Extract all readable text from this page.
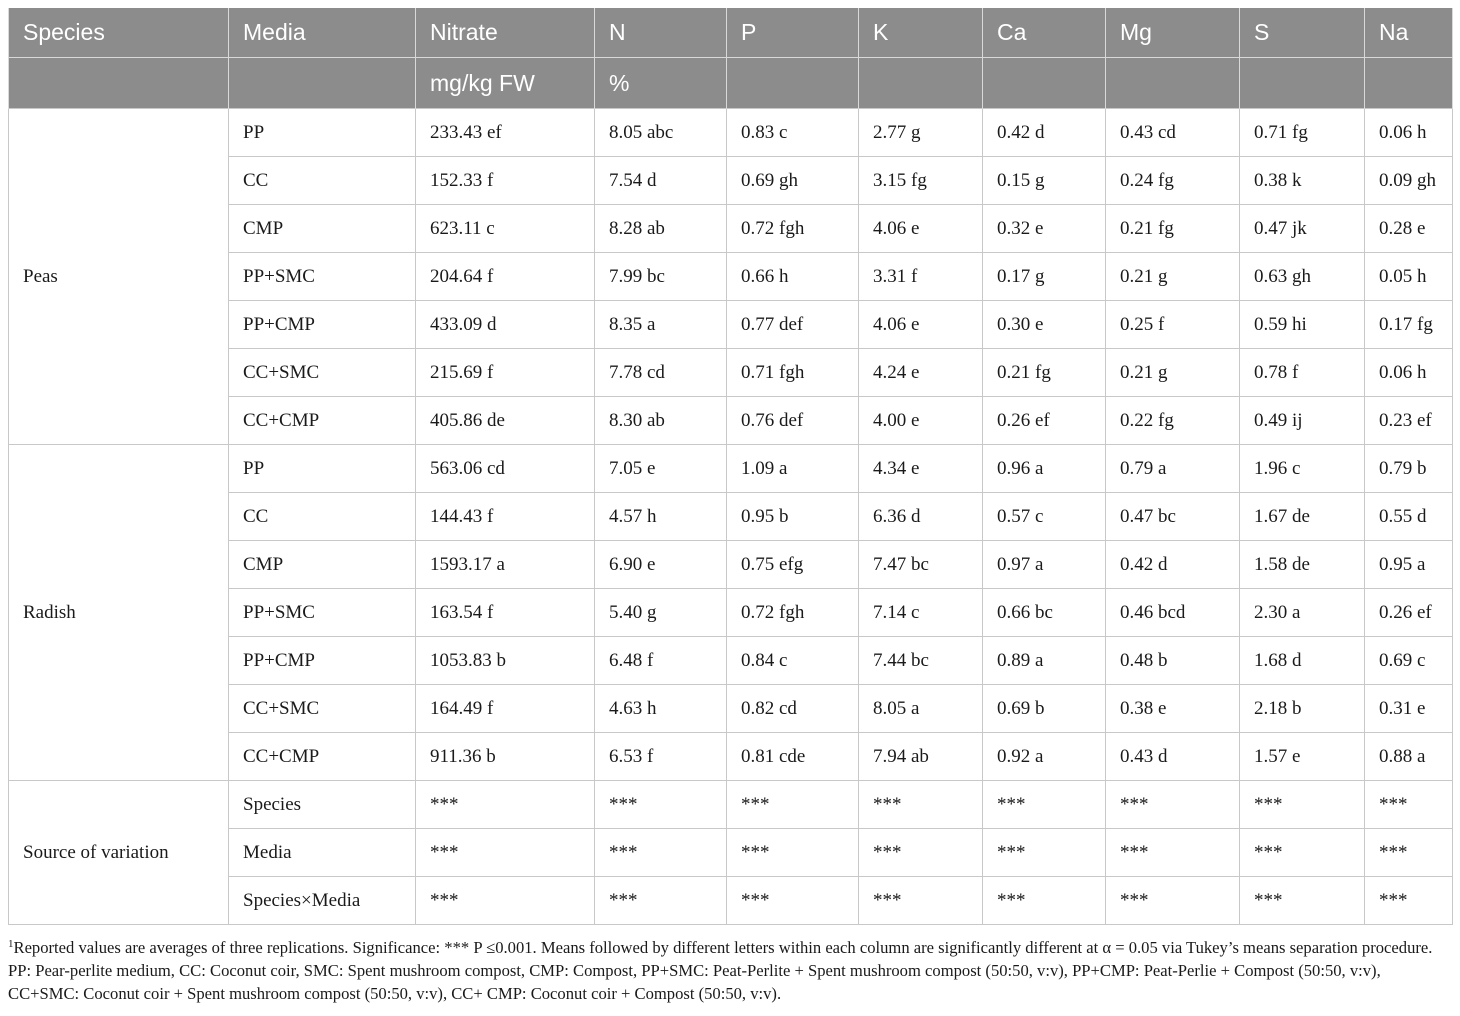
Species	Media	Nitrate	N	P	K	Ca	Mg	S	Na
		mg/kg FW	%						
Peas	PP	233.43 ef	8.05 abc	0.83 c	2.77 g	0.42 d	0.43 cd	0.71 fg	0.06 h
	CC	152.33 f	7.54 d	0.69 gh	3.15 fg	0.15 g	0.24 fg	0.38 k	0.09 gh
	CMP	623.11 c	8.28 ab	0.72 fgh	4.06 e	0.32 e	0.21 fg	0.47 jk	0.28 e
	PP+SMC	204.64 f	7.99 bc	0.66 h	3.31 f	0.17 g	0.21 g	0.63 gh	0.05 h
	PP+CMP	433.09 d	8.35 a	0.77 def	4.06 e	0.30 e	0.25 f	0.59 hi	0.17 fg
	CC+SMC	215.69 f	7.78 cd	0.71 fgh	4.24 e	0.21 fg	0.21 g	0.78 f	0.06 h
	CC+CMP	405.86 de	8.30 ab	0.76 def	4.00 e	0.26 ef	0.22 fg	0.49 ij	0.23 ef
Radish	PP	563.06 cd	7.05 e	1.09 a	4.34 e	0.96 a	0.79 a	1.96 c	0.79 b
	CC	144.43 f	4.57 h	0.95 b	6.36 d	0.57 c	0.47 bc	1.67 de	0.55 d
	CMP	1593.17 a	6.90 e	0.75 efg	7.47 bc	0.97 a	0.42 d	1.58 de	0.95 a
	PP+SMC	163.54 f	5.40 g	0.72 fgh	7.14 c	0.66 bc	0.46 bcd	2.30 a	0.26 ef
	PP+CMP	1053.83 b	6.48 f	0.84 c	7.44 bc	0.89 a	0.48 b	1.68 d	0.69 c
	CC+SMC	164.49 f	4.63 h	0.82 cd	8.05 a	0.69 b	0.38 e	2.18 b	0.31 e
	CC+CMP	911.36 b	6.53 f	0.81 cde	7.94 ab	0.92 a	0.43 d	1.57 e	0.88 a
Source of variation	Species	***	***	***	***	***	***	***	***
	Media	***	***	***	***	***	***	***	***
	Species×Media	***	***	***	***	***	***	***	***
$^1$Reported values are averages of three replications. Significance: *** P ≤0.001. Means followed by different letters within each column are significantly different at α = 0.05 via Tukey’s means separation procedure. PP: Pear-perlite medium, CC: Coconut coir, SMC: Spent mushroom compost, CMP: Compost, PP+SMC: Peat-Perlite + Spent mushroom compost (50:50, v:v), PP+CMP: Peat-Perlie + Compost (50:50, v:v), CC+SMC: Coconut coir + Spent mushroom compost (50:50, v:v), CC+ CMP: Coconut coir + Compost (50:50, v:v).
